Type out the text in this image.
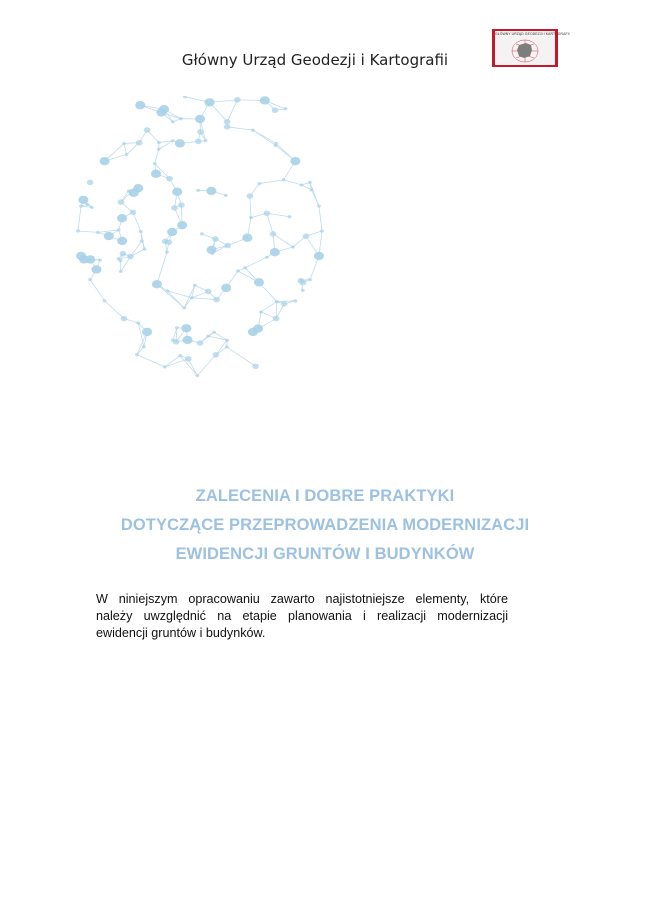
Główny Urząd Geodezji i Kartografii
GŁÓWNY URZĄD GEODEZJI I KARTOGRAFII
ZALECENIA I DOBRE PRAKTYKI
DOTYCZĄCE PRZEPROWADZENIA MODERNIZACJI
EWIDENCJI GRUNTÓW I BUDYNKÓW
W niniejszym opracowaniu zawarto najistotniejsze elementy, które
należy uwzględnić na etapie planowania i realizacji modernizacji
ewidencji gruntów i budynków.
